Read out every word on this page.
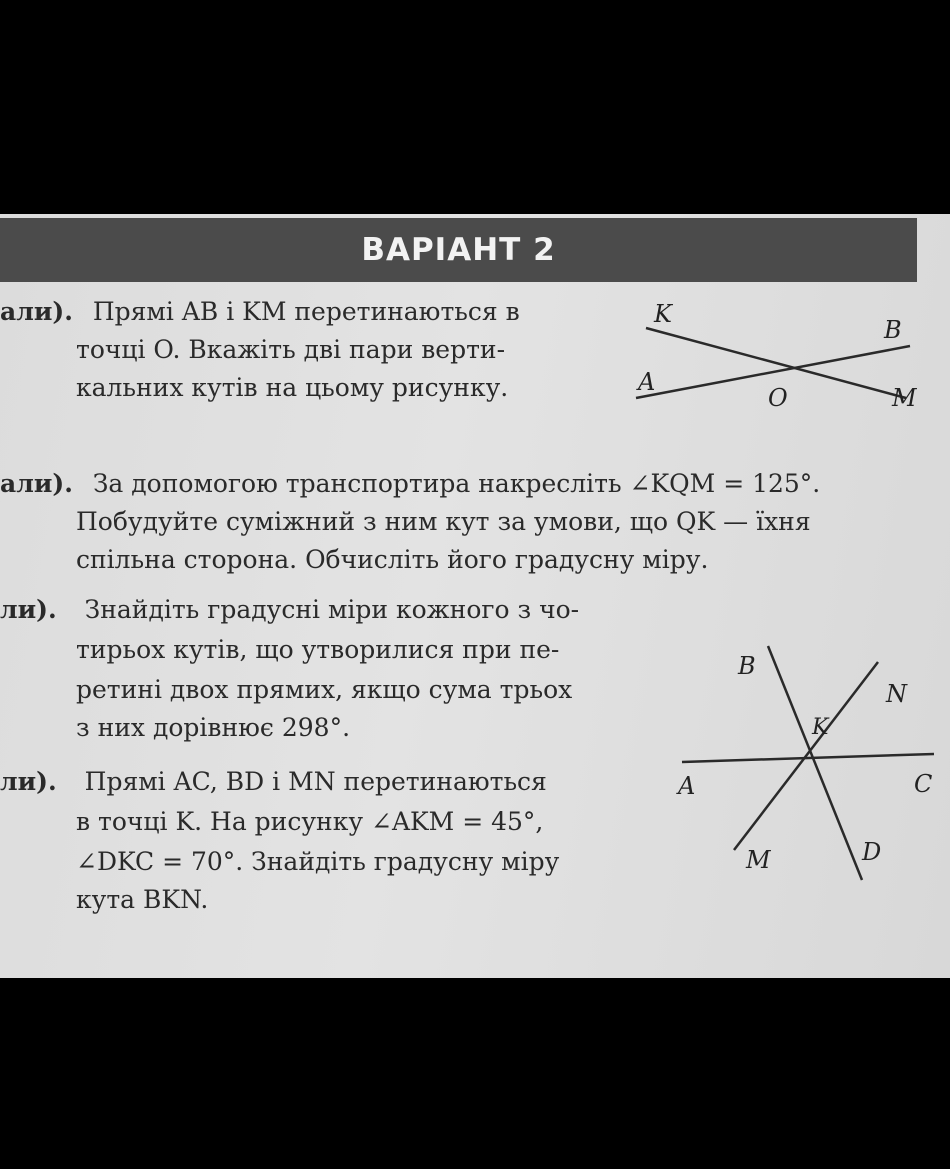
ВАРІАНТ 2
али). Прямі AB і KM перетинаються в
точці O. Вкажіть дві пари верти-
кальних кутів на цьому рисунку.
K
B
A
O	M
али). За допомогою транспортира накресліть ∠KQM = 125°.
Побудуйте суміжний з ним кут за умови, що QK — їхня
спільна сторона. Обчисліть його градусну міру.
ли). Знайдіть градусні міри кожного з чо-
тирьох кутів, що утворилися при пе-
ретині двох прямих, якщо сума трьох
з них дорівнює 298°.
ли). Прямі AC, BD і MN перетинаються
в точці K. На рисунку ∠AKM = 45°,
∠DKC = 70°. Знайдіть градусну міру
кута BKN.
B
N
K
A	C
M	D
